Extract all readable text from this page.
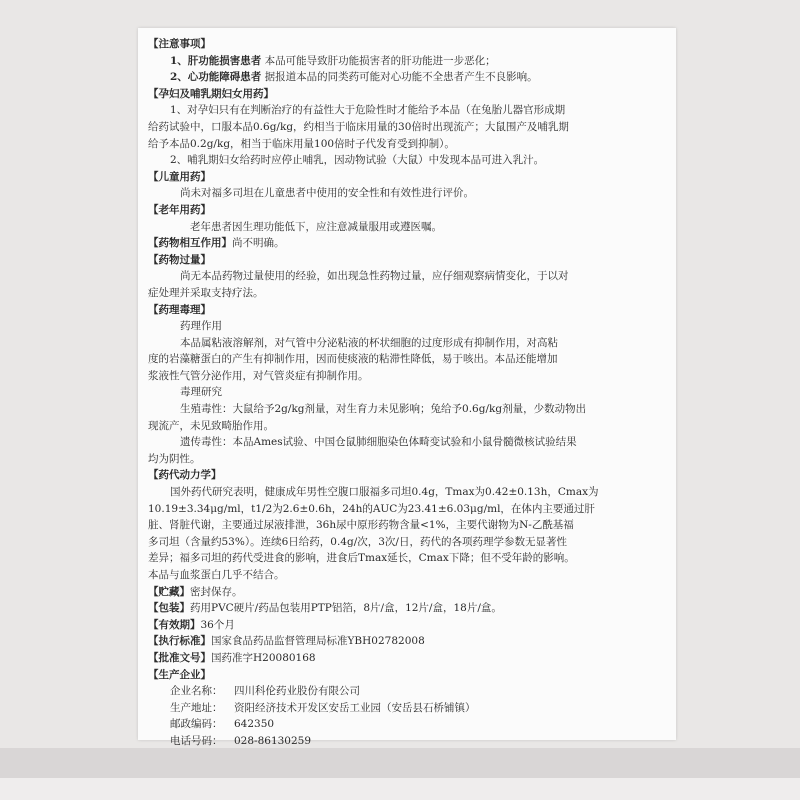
【注意事项】
1、肝功能损害患者 本品可能导致肝功能损害者的肝功能进一步恶化；
2、心功能障碍患者 据报道本品的同类药可能对心功能不全患者产生不良影响。
【孕妇及哺乳期妇女用药】
1、对孕妇只有在判断治疗的有益性大于危险性时才能给予本品（在兔胎儿器官形成期
给药试验中，口服本品0.6g/kg，约相当于临床用量的30倍时出现流产；大鼠围产及哺乳期
给予本品0.2g/kg，相当于临床用量100倍时子代发育受到抑制）。
2、哺乳期妇女给药时应停止哺乳，因动物试验（大鼠）中发现本品可进入乳汁。
【儿童用药】
尚未对福多司坦在儿童患者中使用的安全性和有效性进行评价。
【老年用药】
老年患者因生理功能低下，应注意减量服用或遵医嘱。
【药物相互作用】尚不明确。
【药物过量】
尚无本品药物过量使用的经验，如出现急性药物过量，应仔细观察病情变化，于以对
症处理并采取支持疗法。
【药理毒理】
药理作用
本品属粘液溶解剂，对气管中分泌粘液的杯状细胞的过度形成有抑制作用，对高粘
度的岩藻糖蛋白的产生有抑制作用，因而使痰液的粘滞性降低，易于咳出。本品还能增加
浆液性气管分泌作用，对气管炎症有抑制作用。
毒理研究
生殖毒性：大鼠给予2g/kg剂量，对生育力未见影响；兔给予0.6g/kg剂量，少数动物出
现流产，未见致畸胎作用。
遗传毒性：本品Ames试验、中国仓鼠肺细胞染色体畸变试验和小鼠骨髓微核试验结果
均为阴性。
【药代动力学】
国外药代研究表明，健康成年男性空腹口服福多司坦0.4g，Tmax为0.42±0.13h，Cmax为
10.19±3.34μg/ml，t1/2为2.6±0.6h，24h的AUC为23.41±6.03μg/ml，在体内主要通过肝
脏、肾脏代谢，主要通过尿液排泄，36h尿中原形药物含量<1%，主要代谢物为N-乙酰基福
多司坦（含量约53%）。连续6日给药，0.4g/次，3次/日，药代的各项药理学参数无显著性
差异；福多司坦的药代受进食的影响，进食后Tmax延长，Cmax下降；但不受年龄的影响。
本品与血浆蛋白几乎不结合。
【贮藏】密封保存。
【包装】药用PVC硬片/药品包装用PTP铝箔，8片/盒，12片/盒，18片/盒。
【有效期】36个月
【执行标准】国家食品药品监督管理局标准YBH02782008
【批准文号】国药准字H20080168
【生产企业】
企业名称： 四川科伦药业股份有限公司
生产地址： 资阳经济技术开发区安岳工业园（安岳县石桥铺镇）
邮政编码： 642350
电话号码： 028-86130259
